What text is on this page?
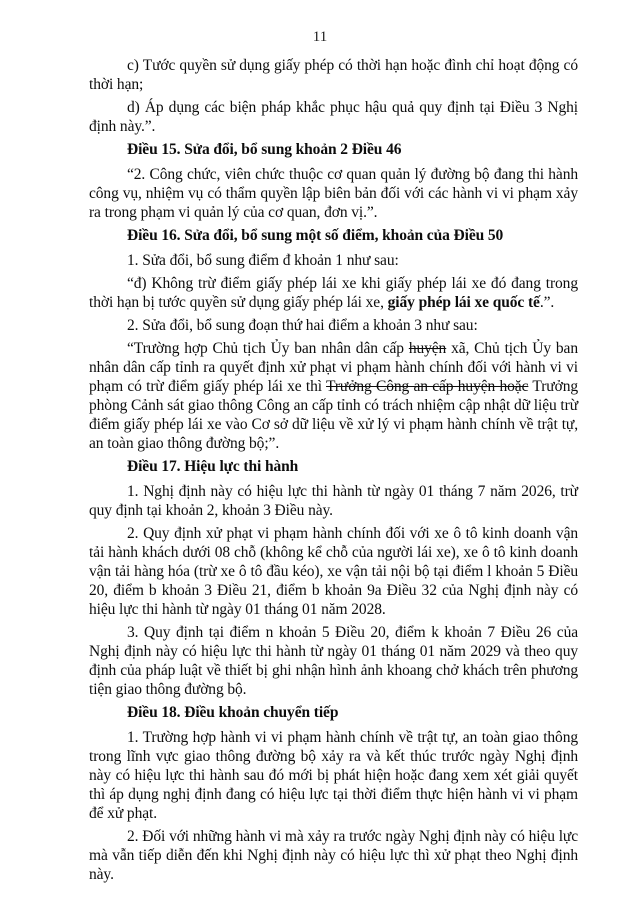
11

c) Tước quyền sử dụng giấy phép có thời hạn hoặc đình chỉ hoạt động có thời hạn;

d) Áp dụng các biện pháp khắc phục hậu quả quy định tại Điều 3 Nghị định này.”.

Điều 15. Sửa đổi, bổ sung khoản 2 Điều 46

“2. Công chức, viên chức thuộc cơ quan quản lý đường bộ đang thi hành công vụ, nhiệm vụ có thẩm quyền lập biên bản đối với các hành vi vi phạm xảy ra trong phạm vi quản lý của cơ quan, đơn vị.”.

Điều 16. Sửa đổi, bổ sung một số điểm, khoản của Điều 50

1. Sửa đổi, bổ sung điểm đ khoản 1 như sau:

“đ) Không trừ điểm giấy phép lái xe khi giấy phép lái xe đó đang trong thời hạn bị tước quyền sử dụng giấy phép lái xe, giấy phép lái xe quốc tế.”.

2. Sửa đổi, bổ sung đoạn thứ hai điểm a khoản 3 như sau:

“Trường hợp Chủ tịch Ủy ban nhân dân cấp huyện xã, Chủ tịch Ủy ban nhân dân cấp tỉnh ra quyết định xử phạt vi phạm hành chính đối với hành vi vi phạm có trừ điểm giấy phép lái xe thì Trưởng Công an cấp huyện hoặc Trưởng phòng Cảnh sát giao thông Công an cấp tỉnh có trách nhiệm cập nhật dữ liệu trừ điểm giấy phép lái xe vào Cơ sở dữ liệu về xử lý vi phạm hành chính về trật tự, an toàn giao thông đường bộ;”.

Điều 17. Hiệu lực thi hành

1. Nghị định này có hiệu lực thi hành từ ngày 01 tháng 7 năm 2026, trừ quy định tại khoản 2, khoản 3 Điều này.

2. Quy định xử phạt vi phạm hành chính đối với xe ô tô kinh doanh vận tải hành khách dưới 08 chỗ (không kể chỗ của người lái xe), xe ô tô kinh doanh vận tải hàng hóa (trừ xe ô tô đầu kéo), xe vận tải nội bộ tại điểm l khoản 5 Điều 20, điểm b khoản 3 Điều 21, điểm b khoản 9a Điều 32 của Nghị định này có hiệu lực thi hành từ ngày 01 tháng 01 năm 2028.

3. Quy định tại điểm n khoản 5 Điều 20, điểm k khoản 7 Điều 26 của Nghị định này có hiệu lực thi hành từ ngày 01 tháng 01 năm 2029 và theo quy định của pháp luật về thiết bị ghi nhận hình ảnh khoang chở khách trên phương tiện giao thông đường bộ.

Điều 18. Điều khoản chuyển tiếp

1. Trường hợp hành vi vi phạm hành chính về trật tự, an toàn giao thông trong lĩnh vực giao thông đường bộ xảy ra và kết thúc trước ngày Nghị định này có hiệu lực thi hành sau đó mới bị phát hiện hoặc đang xem xét giải quyết thì áp dụng nghị định đang có hiệu lực tại thời điểm thực hiện hành vi vi phạm để xử phạt.

2. Đối với những hành vi mà xảy ra trước ngày Nghị định này có hiệu lực mà vẫn tiếp diễn đến khi Nghị định này có hiệu lực thì xử phạt theo Nghị định này.
